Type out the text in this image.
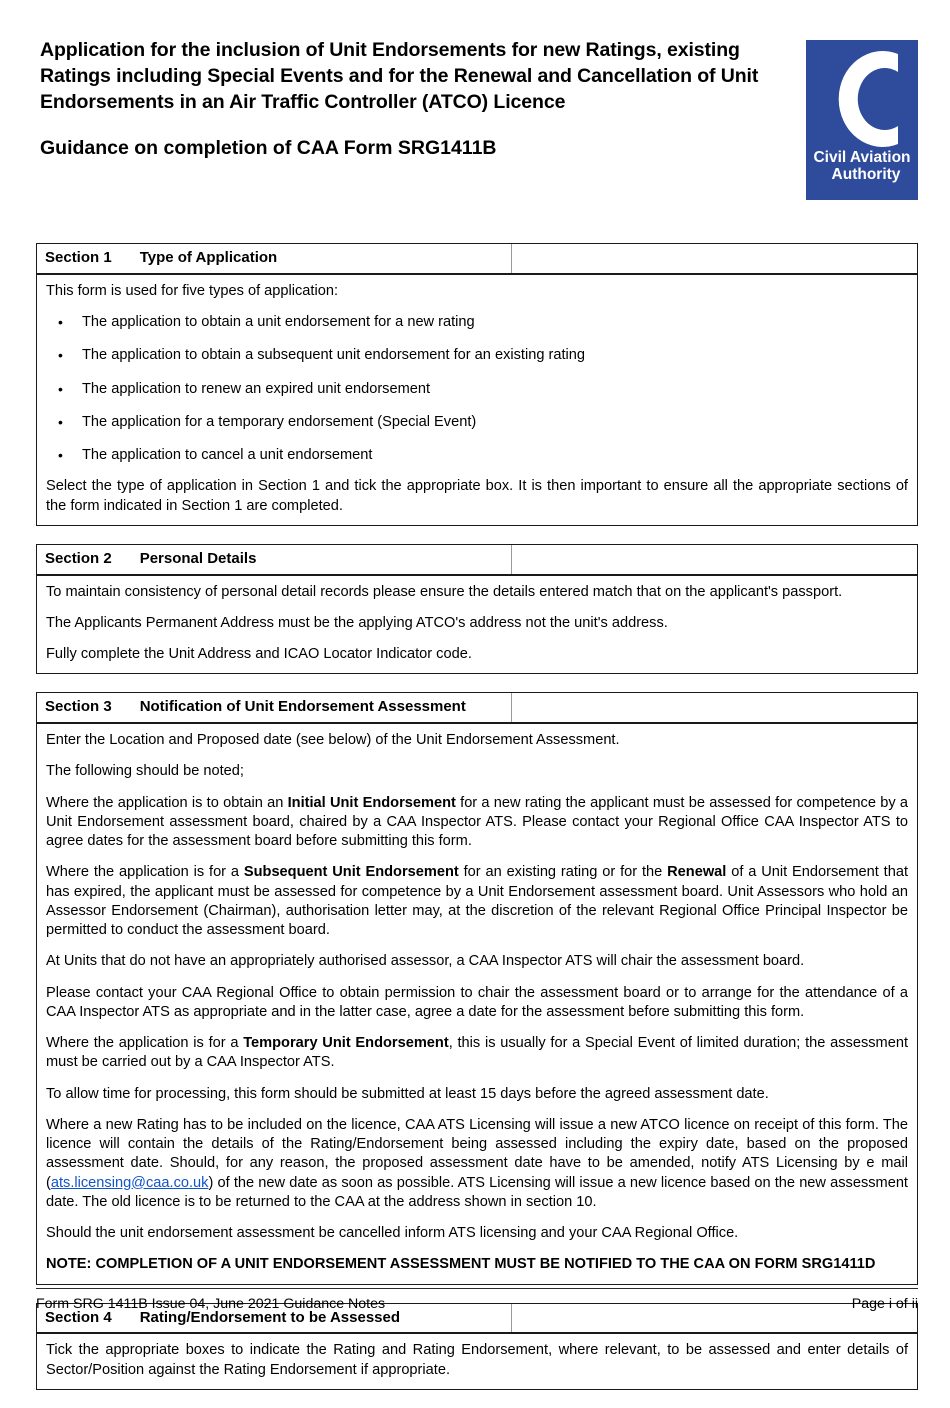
Application for the inclusion of Unit Endorsements for new Ratings, existing Ratings including Special Events and for the Renewal and Cancellation of Unit Endorsements in an Air Traffic Controller (ATCO) Licence
Guidance on completion of CAA Form SRG1411B	Civil Aviation
Authority
Section 1 Type of Application

This form is used for five types of application:

• The application to obtain a unit endorsement for a new rating
• The application to obtain a subsequent unit endorsement for an existing rating
• The application to renew an expired unit endorsement
• The application for a temporary endorsement (Special Event)
• The application to cancel a unit endorsement

Select the type of application in Section 1 and tick the appropriate box. It is then important to ensure all the appropriate sections of the form indicated in Section 1 are completed.

Section 2 Personal Details

To maintain consistency of personal detail records please ensure the details entered match that on the applicant's passport.

The Applicants Permanent Address must be the applying ATCO's address not the unit's address.

Fully complete the Unit Address and ICAO Locator Indicator code.

Section 3 Notification of Unit Endorsement Assessment

Enter the Location and Proposed date (see below) of the Unit Endorsement Assessment.

The following should be noted;

Where the application is to obtain an Initial Unit Endorsement for a new rating the applicant must be assessed for competence by a Unit Endorsement assessment board, chaired by a CAA Inspector ATS. Please contact your Regional Office CAA Inspector ATS to agree dates for the assessment board before submitting this form.

Where the application is for a Subsequent Unit Endorsement for an existing rating or for the Renewal of a Unit Endorsement that has expired, the applicant must be assessed for competence by a Unit Endorsement assessment board. Unit Assessors who hold an Assessor Endorsement (Chairman), authorisation letter may, at the discretion of the relevant Regional Office Principal Inspector be permitted to conduct the assessment board.

At Units that do not have an appropriately authorised assessor, a CAA Inspector ATS will chair the assessment board.

Please contact your CAA Regional Office to obtain permission to chair the assessment board or to arrange for the attendance of a CAA Inspector ATS as appropriate and in the latter case, agree a date for the assessment before submitting this form.

Where the application is for a Temporary Unit Endorsement, this is usually for a Special Event of limited duration; the assessment must be carried out by a CAA Inspector ATS.

To allow time for processing, this form should be submitted at least 15 days before the agreed assessment date.

Where a new Rating has to be included on the licence, CAA ATS Licensing will issue a new ATCO licence on receipt of this form. The licence will contain the details of the Rating/Endorsement being assessed including the expiry date, based on the proposed assessment date. Should, for any reason, the proposed assessment date have to be amended, notify ATS Licensing by e mail (ats.licensing@caa.co.uk) of the new date as soon as possible. ATS Licensing will issue a new licence based on the new assessment date. The old licence is to be returned to the CAA at the address shown in section 10.

Should the unit endorsement assessment be cancelled inform ATS licensing and your CAA Regional Office.

NOTE: COMPLETION OF A UNIT ENDORSEMENT ASSESSMENT MUST BE NOTIFIED TO THE CAA ON FORM SRG1411D

Section 4 Rating/Endorsement to be Assessed

Tick the appropriate boxes to indicate the Rating and Rating Endorsement, where relevant, to be assessed and enter details of Sector/Position against the Rating Endorsement if appropriate.

Form SRG 1411B Issue 04, June 2021 Guidance Notes	Page i of ii
